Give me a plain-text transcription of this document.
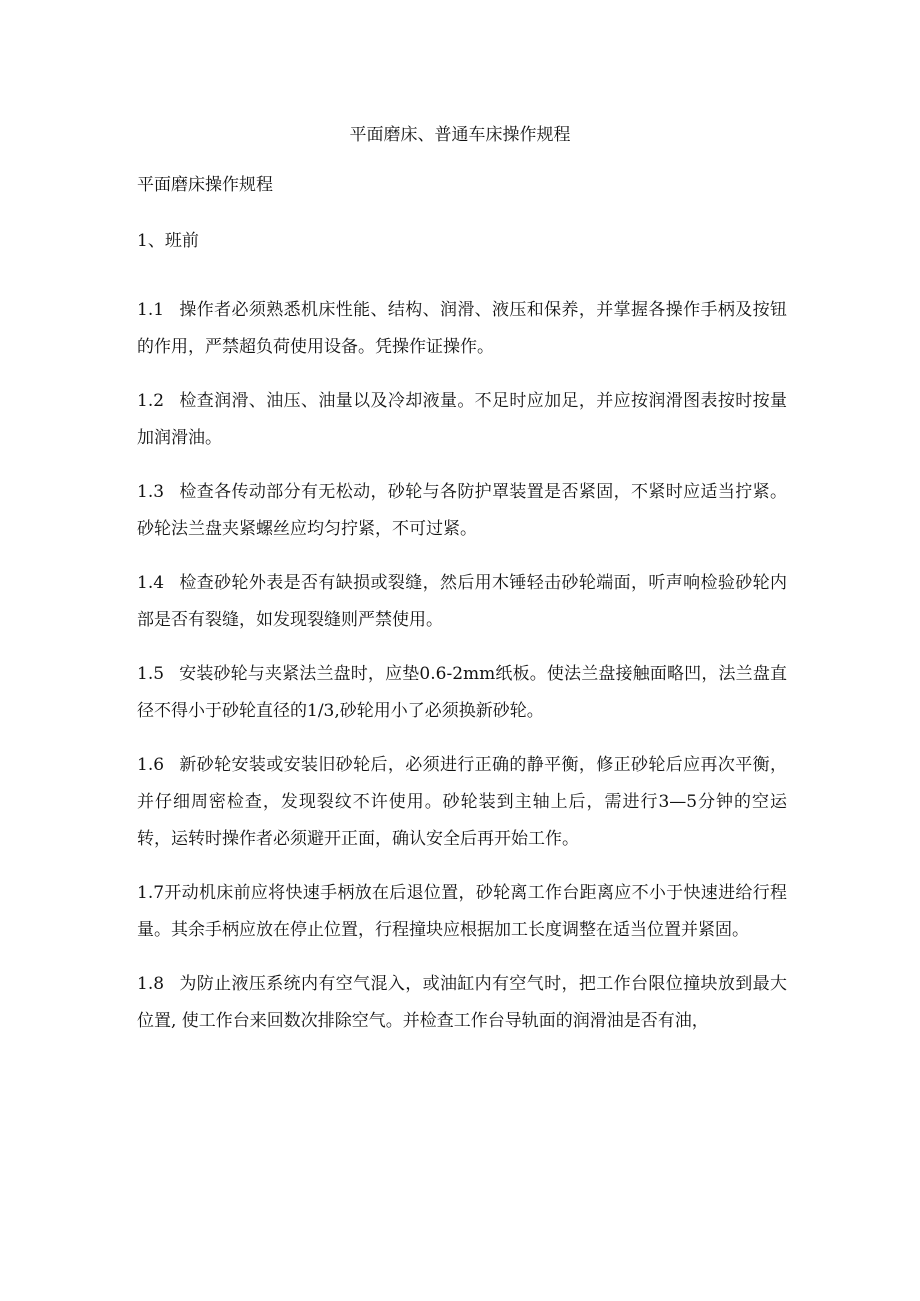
平面磨床、普通车床操作规程
平面磨床操作规程
1、班前

1.1 操作者必须熟悉机床性能、结构、润滑、液压和保养，并掌握各操作手柄及按钮的作用，严禁超负荷使用设备。凭操作证操作。

1.2 检查润滑、油压、油量以及冷却液量。不足时应加足，并应按润滑图表按时按量加润滑油。

1.3 检查各传动部分有无松动，砂轮与各防护罩装置是否紧固，不紧时应适当拧紧。砂轮法兰盘夹紧螺丝应均匀拧紧，不可过紧。

1.4 检查砂轮外表是否有缺损或裂缝，然后用木锤轻击砂轮端面，听声响检验砂轮内部是否有裂缝，如发现裂缝则严禁使用。

1.5 安装砂轮与夹紧法兰盘时，应垫0.6-2mm纸板。使法兰盘接触面略凹，法兰盘直径不得小于砂轮直径的1/3,砂轮用小了必须换新砂轮。

1.6 新砂轮安装或安装旧砂轮后，必须进行正确的静平衡，修正砂轮后应再次平衡，并仔细周密检查，发现裂纹不许使用。砂轮装到主轴上后，需进行3—5分钟的空运转，运转时操作者必须避开正面，确认安全后再开始工作。

1.7开动机床前应将快速手柄放在后退位置，砂轮离工作台距离应不小于快速进给行程量。其余手柄应放在停止位置，行程撞块应根据加工长度调整在适当位置并紧固。

1.8 为防止液压系统内有空气混入，或油缸内有空气时，把工作台限位撞块放到最大位置, 使工作台来回数次排除空气。并检查工作台导轨面的润滑油是否有油，
